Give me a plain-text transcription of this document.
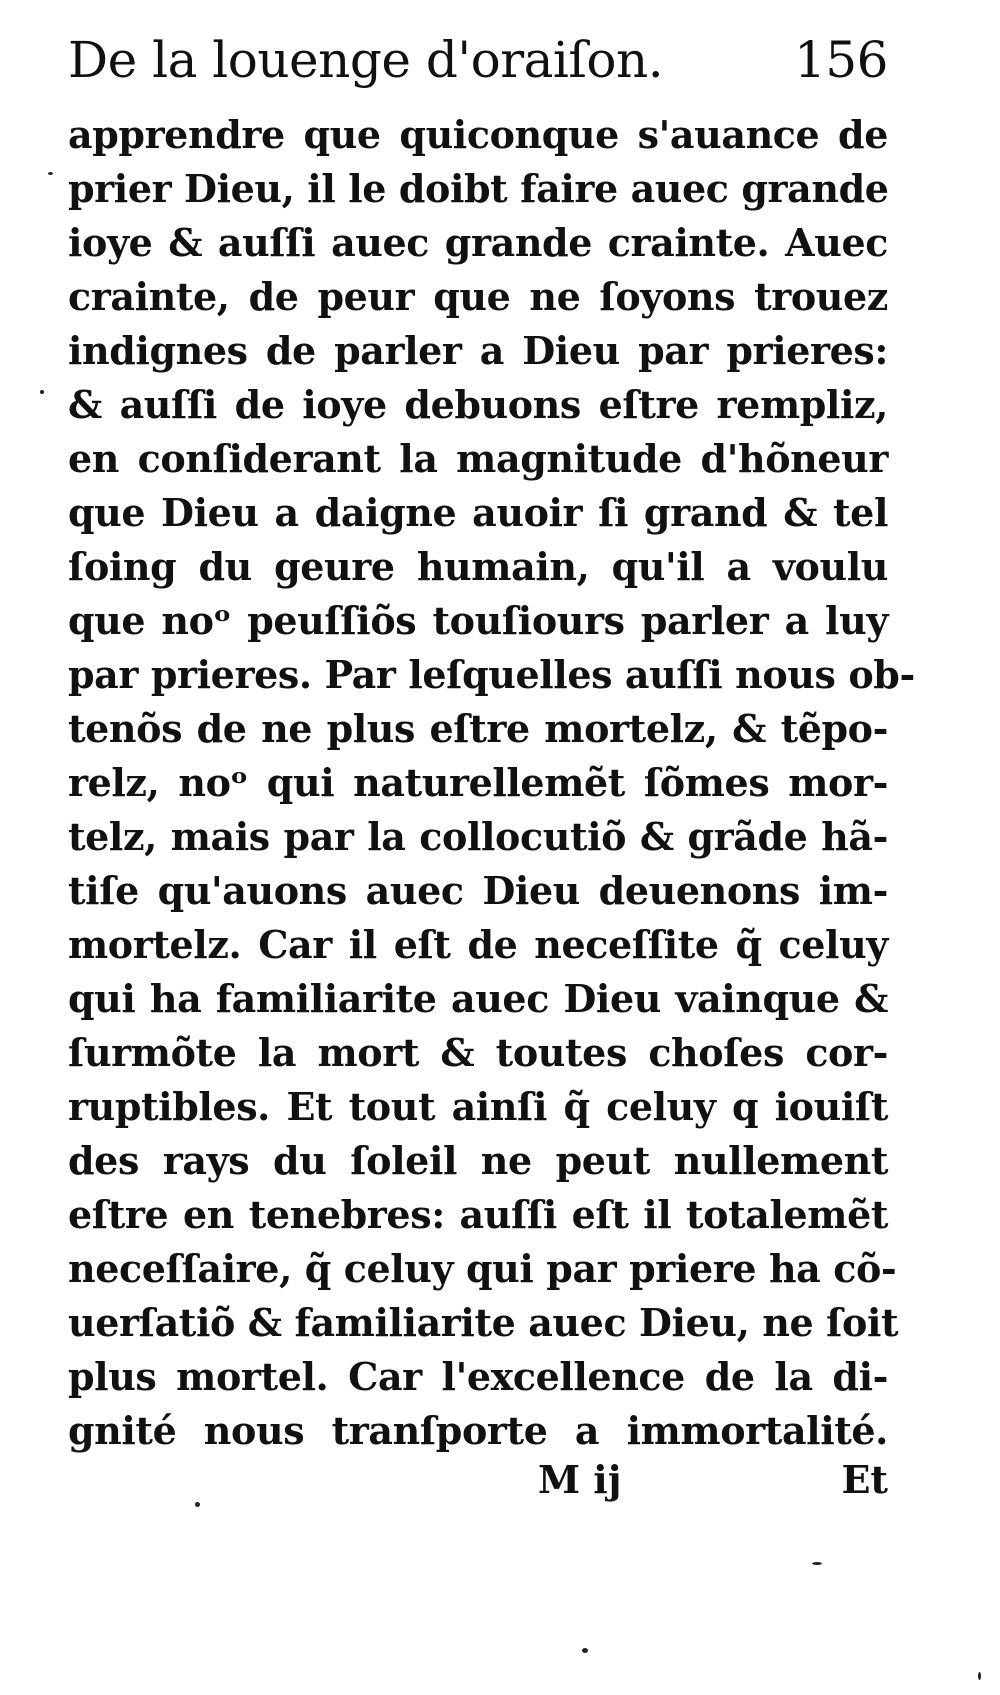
De la louenge d'oraiſon.	156
apprendre que quiconque s'auance de
prier Dieu, il le doibt faire auec grande
ioye & auſſi auec grande crainte. Auec
crainte, de peur que ne ſoyons trouez
indignes de parler a Dieu par prieres:
& auſſi de ioye debuons eſtre rempliz,
en conſiderant la magnitude d'hõneur
que Dieu a daigne auoir ſi grand & tel
ſoing du geure humain, qu'il a voulu
que noᵒ peuſſiõs touſiours parler a luy
par prieres. Par leſquelles auſſi nous ob-
tenõs de ne plus eſtre mortelz, & tẽpo-
relz, noᵒ qui naturellemẽt ſõmes mor-
telz, mais par la collocutiõ & grãde hã-
tiſe qu'auons auec Dieu deuenons im-
mortelz. Car il eſt de neceſſite q̃ celuy
qui ha familiarite auec Dieu vainque &
ſurmõte la mort & toutes choſes cor-
ruptibles. Et tout ainſi q̃ celuy q iouiſt
des rays du ſoleil ne peut nullement
eſtre en tenebres: auſſi eſt il totalemẽt
neceſſaire, q̃ celuy qui par priere ha cõ-
uerſatiõ & familiarite auec Dieu, ne ſoit
plus mortel. Car l'excellence de la di-
gnité nous tranſporte a immortalité.
M ij	Et
